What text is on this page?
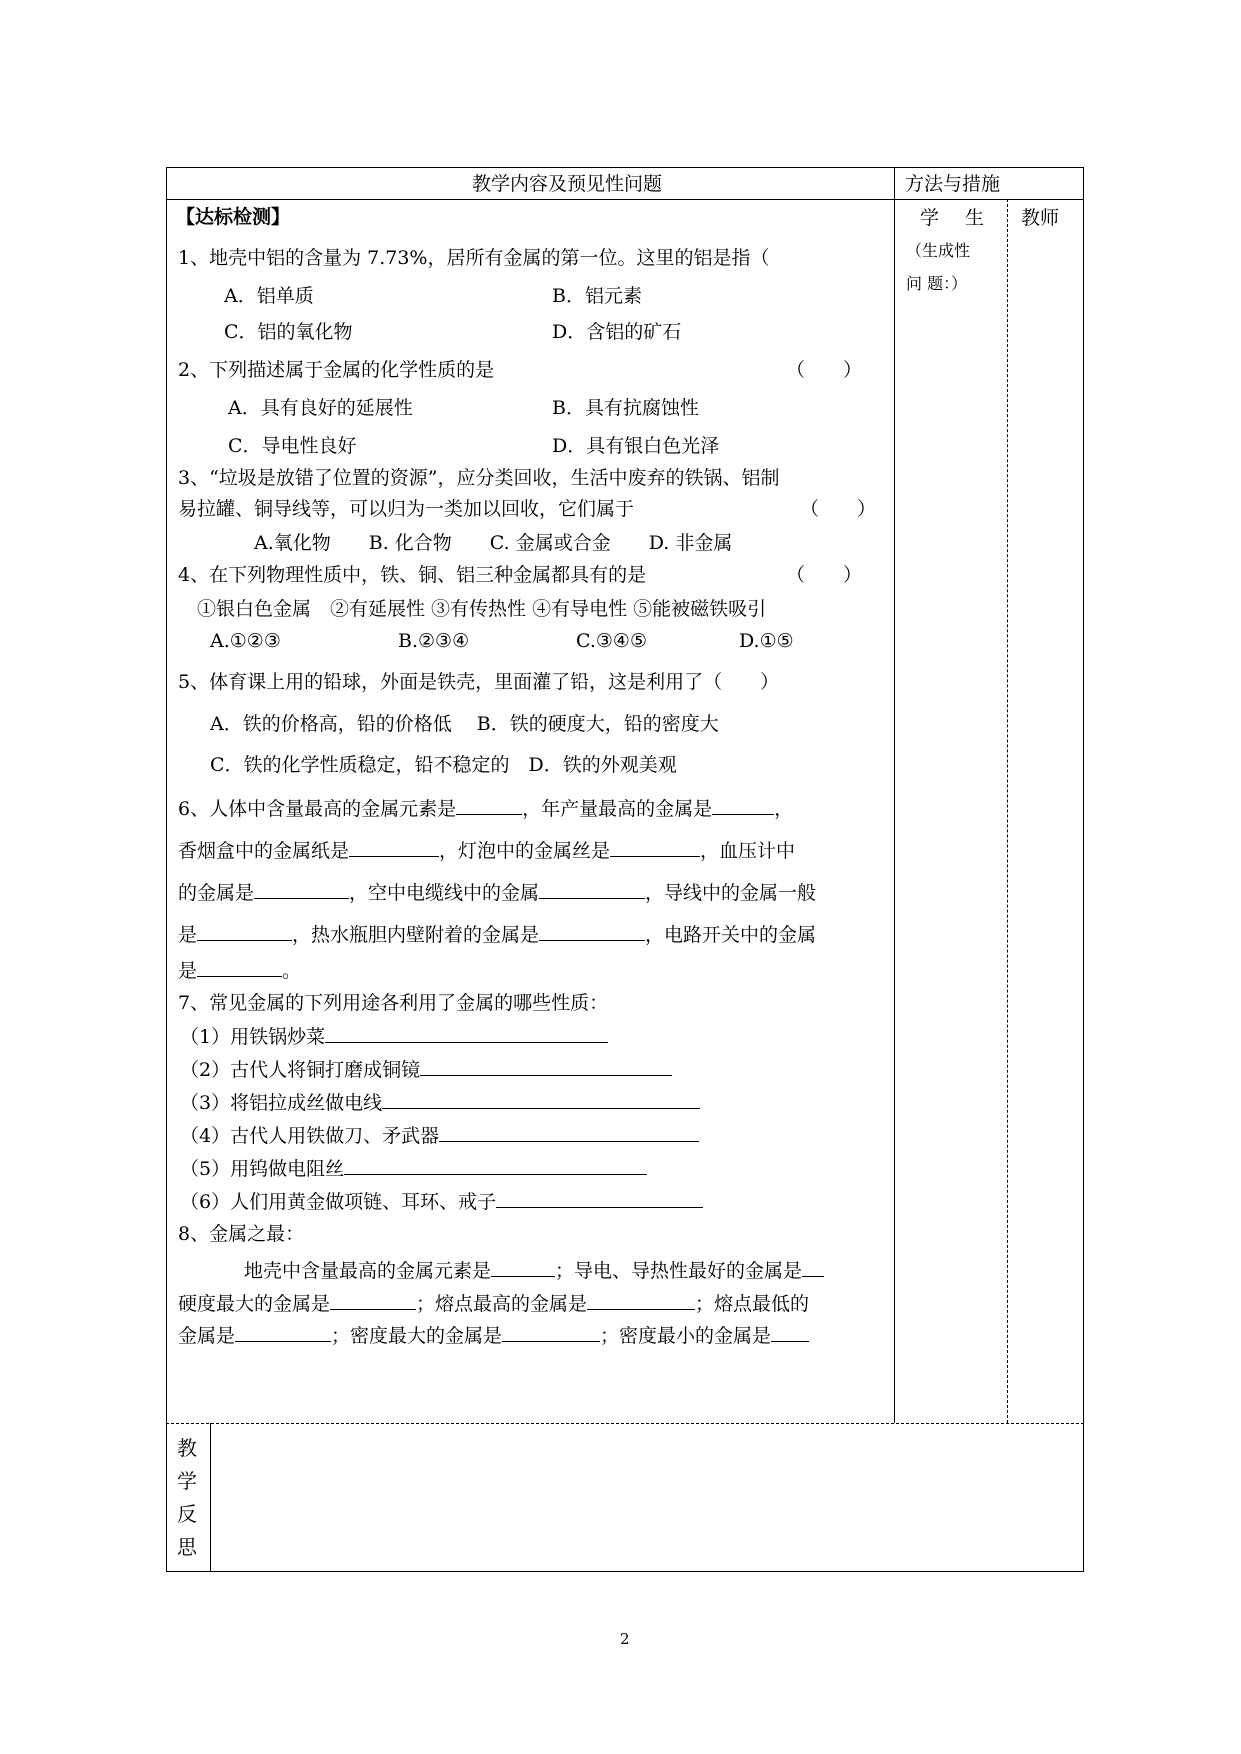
教学内容及预见性问题	方法与措施
学 生
（生成性
问 题：）
教师
【达标检测】
1、地壳中铝的含量为 7.73%，居所有金属的第一位。这里的铝是指（
A．铝单质	B．铝元素
C．铝的氧化物	D．含铝的矿石
2、下列描述属于金属的化学性质的是	（　　）
A．具有良好的延展性	B．具有抗腐蚀性
C．导电性良好	D．具有银白色光泽
3、“垃圾是放错了位置的资源”，应分类回收，生活中废弃的铁锅、铝制
易拉罐、铜导线等，可以归为一类加以回收，它们属于	（　　）
A.氧化物　　B. 化合物　　C. 金属或合金　　D. 非金属
4、在下列物理性质中，铁、铜、铝三种金属都具有的是	（　　）
①银白色金属　②有延展性 ③有传热性 ④有导电性 ⑤能被磁铁吸引
A.①②③	B.②③④	C.③④⑤	D.①⑤
5、体育课上用的铅球，外面是铁壳，里面灌了铅，这是利用了（　　）
A．铁的价格高，铅的价格低　 B．铁的硬度大，铅的密度大
C．铁的化学性质稳定，铅不稳定的　D．铁的外观美观
6、人体中含量最高的金属元素是	，年产量最高的金属是	，
香烟盒中的金属纸是	，灯泡中的金属丝是	，血压计中
的金属是	，空中电缆线中的金属	，导线中的金属一般
是	，热水瓶胆内壁附着的金属是	，电路开关中的金属
是	。
7、常见金属的下列用途各利用了金属的哪些性质：
（1）用铁锅炒菜
（2）古代人将铜打磨成铜镜
（3）将铝拉成丝做电线
（4）古代人用铁做刀、矛武器
（5）用钨做电阻丝
（6）人们用黄金做项链、耳环、戒子
8、金属之最：
地壳中含量最高的金属元素是	；导电、导热性最好的金属是
硬度最大的金属是	；熔点最高的金属是	；熔点最低的
金属是	；密度最大的金属是	；密度最小的金属是
教
学
反
思
2
